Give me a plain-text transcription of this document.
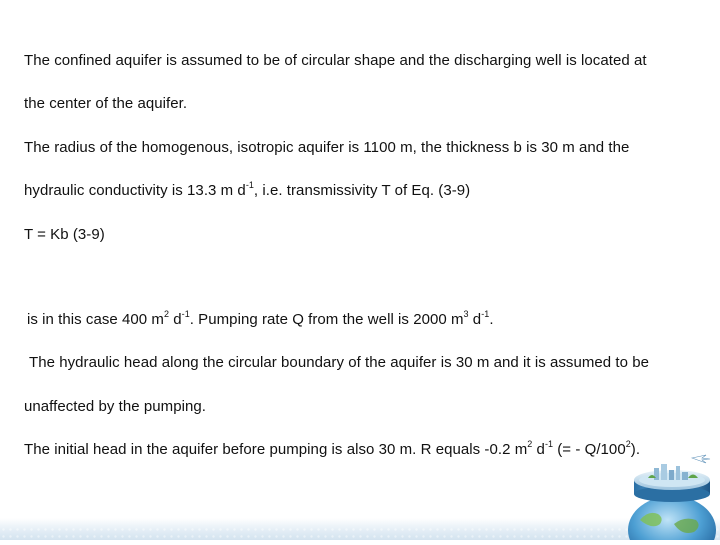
The confined aquifer is assumed to be of circular shape and the discharging well is located at
the center of the aquifer.
The radius of the homogenous, isotropic aquifer is 1100 m, the thickness b is 30 m and the
hydraulic conductivity is 13.3 m $d^{-1}$, i.e. transmissivity T of Eq. (3-9)
T = Kb (3-9)
is in this case 400 $m^2$ $d^{-1}$. Pumping rate Q from the well is 2000 $m^3$ $d^{-1}$.
The hydraulic head along the circular boundary of the aquifer is 30 m and it is assumed to be
unaffected by the pumping.
The initial head in the aquifer before pumping is also 30 m. R equals -0.2 $m^2$ $d^{-1}$ (= - $Q/100^2$).
